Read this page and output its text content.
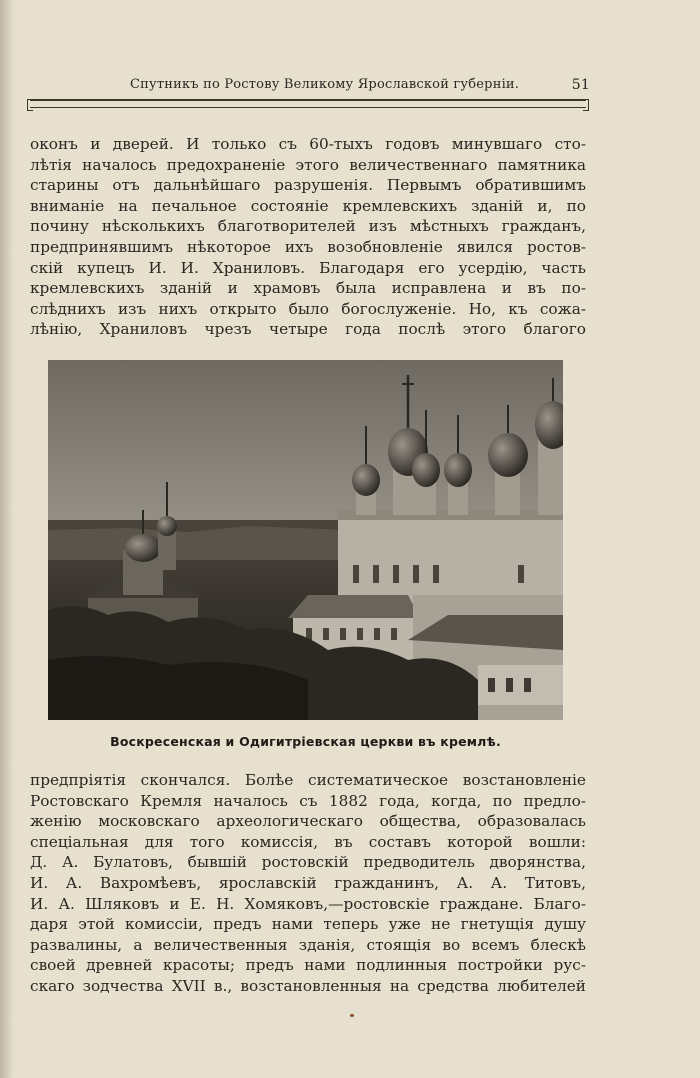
Спутникъ по Ростову Великому Ярославской губерніи.	51
оконъ и дверей. И только съ 60-тыхъ годовъ минувшаго сто-
лѣтія началось предохраненіе этого величественнаго памятника
старины отъ дальнѣйшаго разрушенія. Первымъ обратившимъ
вниманіе на печальное состояніе кремлевскихъ зданій и, по
почину нѣсколькихъ благотворителей изъ мѣстныхъ гражданъ,
предпринявшимъ нѣкоторое ихъ возобновленіе явился ростов-
скій купецъ И. И. Храниловъ. Благодаря его усердію, часть
кремлевскихъ зданій и храмовъ была исправлена и въ по-
слѣднихъ изъ нихъ открыто было богослуженіе. Но, къ сожа-
лѣнію, Храниловъ чрезъ четыре года послѣ этого благого
Воскресенская и Одигитріевская церкви въ кремлѣ.
предпріятія скончался. Болѣе систематическое возстановленіе
Ростовскаго Кремля началось съ 1882 года, когда, по предло-
женію московскаго археологическаго общества, образовалась
спеціальная для того комиссія, въ составъ которой вошли:
Д. А. Булатовъ, бывшій ростовскій предводитель дворянства,
И. А. Вахромѣевъ, ярославскій гражданинъ, А. А. Титовъ,
И. А. Шляковъ и Е. Н. Хомяковъ,—ростовскіе граждане. Благо-
даря этой комиссіи, предъ нами теперь уже не гнетущія душу
развалины, а величественныя зданія, стоящія во всемъ блескѣ
своей древней красоты; предъ нами подлинныя постройки рус-
скаго зодчества XVII в., возстановленныя на средства любителей
